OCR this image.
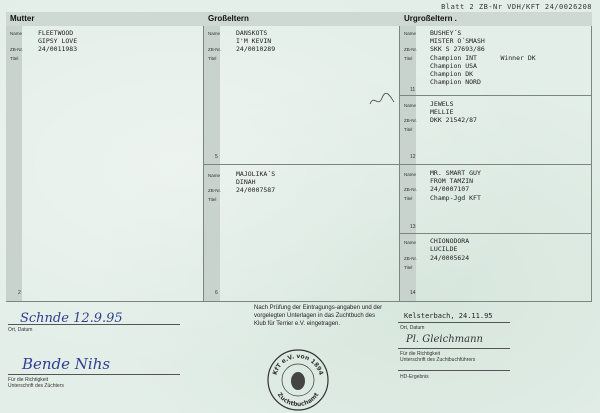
Blatt 2 ZB-Nr VDH/KFT 24/0026208
Mutter	Großeltern	Urgroßeltern .
Name
ZB-Nr.
Titel
FLEETWOOD
GIPSY LOVE
24/0011983
2
Name
ZB-Nr.
Titel
DANSKOTS
I'M KEVIN
24/0010289
5
Name
ZB-Nr.
Titel
MAJOLIKA´S
DINAH
24/0007587
6
Name
ZB-Nr.
Titel
BUSHEY´S
MISTER O´SMASH
SKK S 27693/86
Champion INT      Winner DK
Champion USA
Champion DK
Champion NORD
11
Name
ZB-Nr.
Titel
JEWELS
MELLIE
DKK 21542/87
12
Name
ZB-Nr.
Titel
MR. SMART GUY
FROM TAMZIN
24/0007107
Champ-Jgd KFT
13
Name
ZB-Nr.
Titel
CHIONODORA
LUCILDE
24/0005624
14
Schnde 12.9.95
Ort, Datum
Bende Nihs
Für die Richtigkeit
Unterschrift des Züchters
Nach Prüfung der Eintragungs-angaben und der vorgelegten Unterlagen in das Zuchtbuch des Klub für Terrier e.V. eingetragen.
KfT e.V. von 1894
Zuchtbuchamt
Kelsterbach, 24.11.95
Ort, Datum
Pl. Gleichmann
Für die Richtigkeit
Unterschrift des Zuchtbuchführers
HD-Ergebnis
